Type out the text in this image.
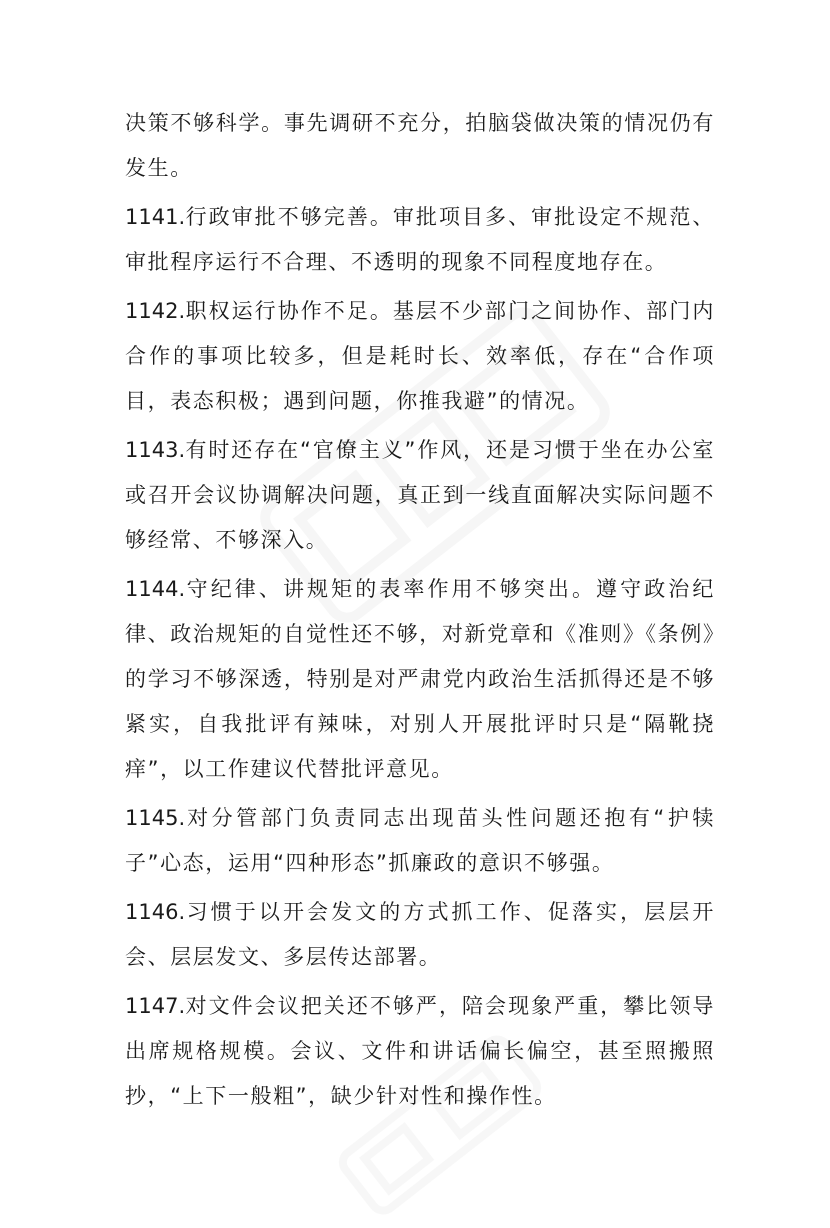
决策不够科学。事先调研不充分，拍脑袋做决策的情况仍有发生。

1141.行政审批不够完善。审批项目多、审批设定不规范、审批程序运行不合理、不透明的现象不同程度地存在。

1142.职权运行协作不足。基层不少部门之间协作、部门内合作的事项比较多，但是耗时长、效率低，存在“合作项目，表态积极；遇到问题，你推我避”的情况。

1143.有时还存在“官僚主义”作风，还是习惯于坐在办公室或召开会议协调解决问题，真正到一线直面解决实际问题不够经常、不够深入。

1144.守纪律、讲规矩的表率作用不够突出。遵守政治纪律、政治规矩的自觉性还不够，对新党章和《准则》《条例》的学习不够深透，特别是对严肃党内政治生活抓得还是不够紧实，自我批评有辣味，对别人开展批评时只是“隔靴挠痒”，以工作建议代替批评意见。

1145.对分管部门负责同志出现苗头性问题还抱有“护犊子”心态，运用“四种形态”抓廉政的意识不够强。

1146.习惯于以开会发文的方式抓工作、促落实，层层开会、层层发文、多层传达部署。

1147.对文件会议把关还不够严，陪会现象严重，攀比领导出席规格规模。会议、文件和讲话偏长偏空，甚至照搬照抄，“上下一般粗”，缺少针对性和操作性。
